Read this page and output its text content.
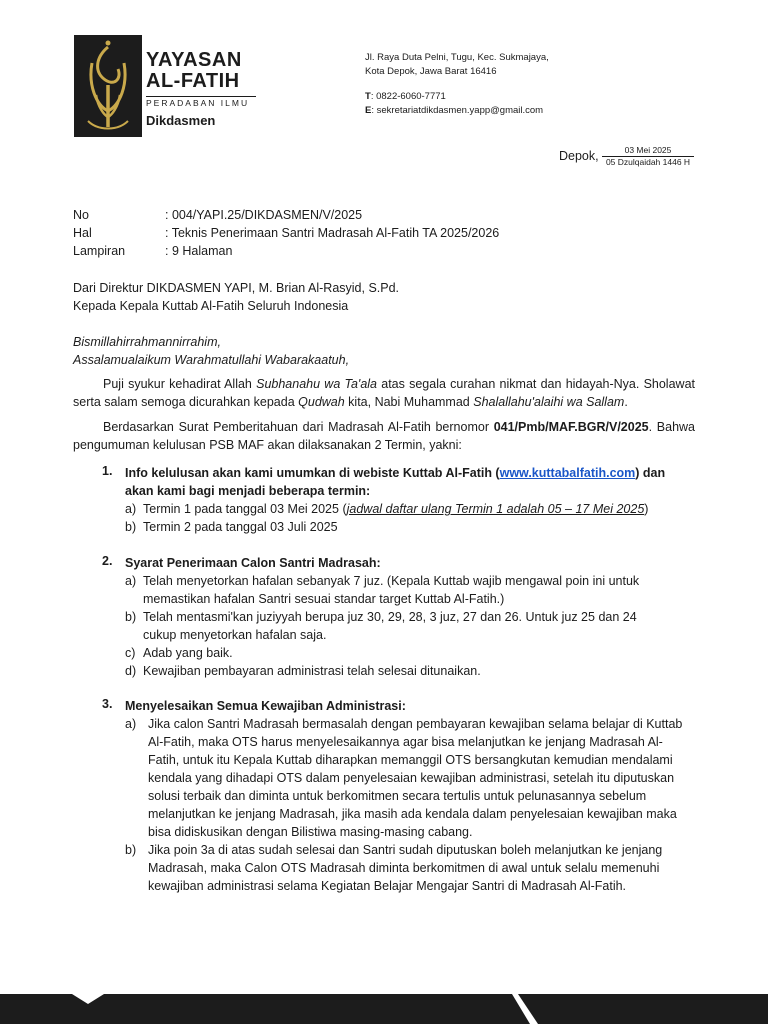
YAYASAN
AL-FATIH
PERADABAN ILMU
Dikdasmen
Jl. Raya Duta Pelni, Tugu, Kec. Sukmajaya,
Kota Depok, Jawa Barat 16416
T: 0822-6060-7771
E: sekretariatdikdasmen.yapp@gmail.com
Depok,	03 Mei 2025
05 Dzulqaidah 1446 H
No	: 004/YAPI.25/DIKDASMEN/V/2025
Hal	: Teknis Penerimaan Santri Madrasah Al-Fatih TA 2025/2026
Lampiran	: 9 Halaman
Dari Direktur DIKDASMEN YAPI, M. Brian Al-Rasyid, S.Pd.
Kepada Kepala Kuttab Al-Fatih Seluruh Indonesia
Bismillahirrahmannirrahim,
Assalamualaikum Warahmatullahi Wabarakaatuh,
Puji syukur kehadirat Allah Subhanahu wa Ta'ala atas segala curahan nikmat dan hidayah-Nya. Sholawat serta salam semoga dicurahkan kepada Qudwah kita, Nabi Muhammad Shalallahu'alaihi wa Sallam.
Berdasarkan Surat Pemberitahuan dari Madrasah Al-Fatih bernomor 041/Pmb/MAF.BGR/V/2025. Bahwa pengumuman kelulusan PSB MAF akan dilaksanakan 2 Termin, yakni:
1. Info kelulusan akan kami umumkan di webiste Kuttab Al-Fatih (www.kuttabalfatih.com) dan akan kami bagi menjadi beberapa termin:
a) Termin 1 pada tanggal 03 Mei 2025 (jadwal daftar ulang Termin 1 adalah 05 – 17 Mei 2025)
b) Termin 2 pada tanggal 03 Juli 2025
2. Syarat Penerimaan Calon Santri Madrasah:
a) Telah menyetorkan hafalan sebanyak 7 juz. (Kepala Kuttab wajib mengawal poin ini untuk memastikan hafalan Santri sesuai standar target Kuttab Al-Fatih.)
b) Telah mentasmi'kan juziyyah berupa juz 30, 29, 28, 3 juz, 27 dan 26. Untuk juz 25 dan 24 cukup menyetorkan hafalan saja.
c) Adab yang baik.
d) Kewajiban pembayaran administrasi telah selesai ditunaikan.
3. Menyelesaikan Semua Kewajiban Administrasi:
a) Jika calon Santri Madrasah bermasalah dengan pembayaran kewajiban selama belajar di Kuttab Al-Fatih, maka OTS harus menyelesaikannya agar bisa melanjutkan ke jenjang Madrasah Al-Fatih, untuk itu Kepala Kuttab diharapkan memanggil OTS bersangkutan kemudian mendalami kendala yang dihadapi OTS dalam penyelesaian kewajiban administrasi, setelah itu diputuskan solusi terbaik dan diminta untuk berkomitmen secara tertulis untuk pelunasannya sebelum melanjutkan ke jenjang Madrasah, jika masih ada kendala dalam penyelesaian kewajiban maka bisa didiskusikan dengan Bilistiwa masing-masing cabang.
b) Jika poin 3a di atas sudah selesai dan Santri sudah diputuskan boleh melanjutkan ke jenjang Madrasah, maka Calon OTS Madrasah diminta berkomitmen di awal untuk selalu memenuhi kewajiban administrasi selama Kegiatan Belajar Mengajar Santri di Madrasah Al-Fatih.
